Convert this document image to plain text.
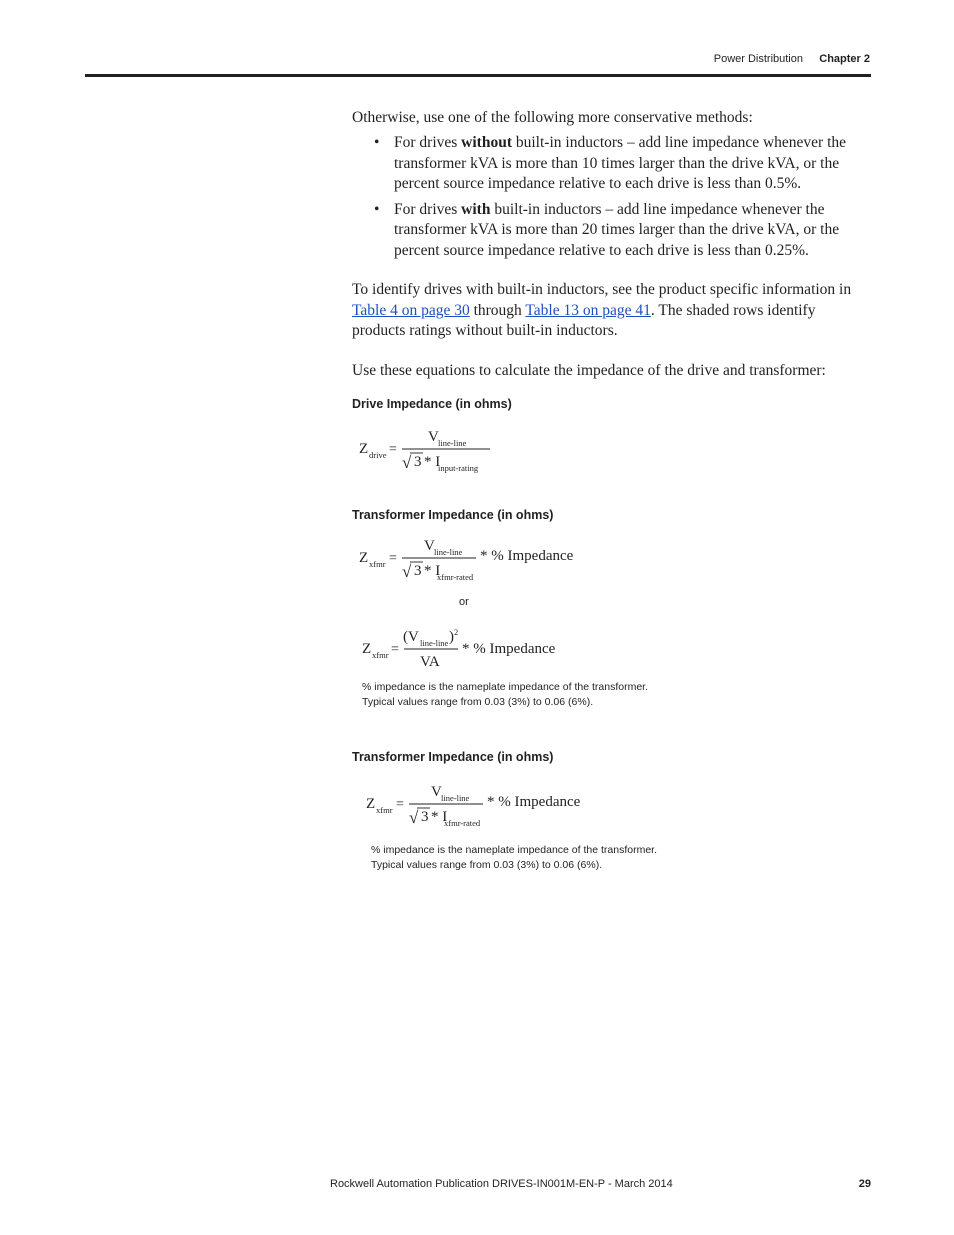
Power Distribution	Chapter 2
Otherwise, use one of the following more conservative methods:
• For drives without built-in inductors – add line impedance whenever the transformer kVA is more than 10 times larger than the drive kVA, or the percent source impedance relative to each drive is less than 0.5%.
• For drives with built-in inductors – add line impedance whenever the transformer kVA is more than 20 times larger than the drive kVA, or the percent source impedance relative to each drive is less than 0.25%.
To identify drives with built-in inductors, see the product specific information in Table 4 on page 30 through Table 13 on page 41. The shaded rows identify products ratings without built-in inductors.
Use these equations to calculate the impedance of the drive and transformer:
Drive Impedance (in ohms)
Z drive =
V line-line
√ 3 * I
input-rating
Transformer Impedance (in ohms)
Z xfmr =
V line-line
√ 3 * I
xfmr-rated
* % Impedance
or
Z xfmr =
(V line-line ) 2
VA
* % Impedance
% impedance is the nameplate impedance of the transformer.
Typical values range from 0.03 (3%) to 0.06 (6%).
Transformer Impedance (in ohms)
Z xfmr =
V line-line
√ 3 * I
xfmr-rated
* % Impedance
% impedance is the nameplate impedance of the transformer.
Typical values range from 0.03 (3%) to 0.06 (6%).
Rockwell Automation Publication DRIVES-IN001M-EN-P - March 2014	29
